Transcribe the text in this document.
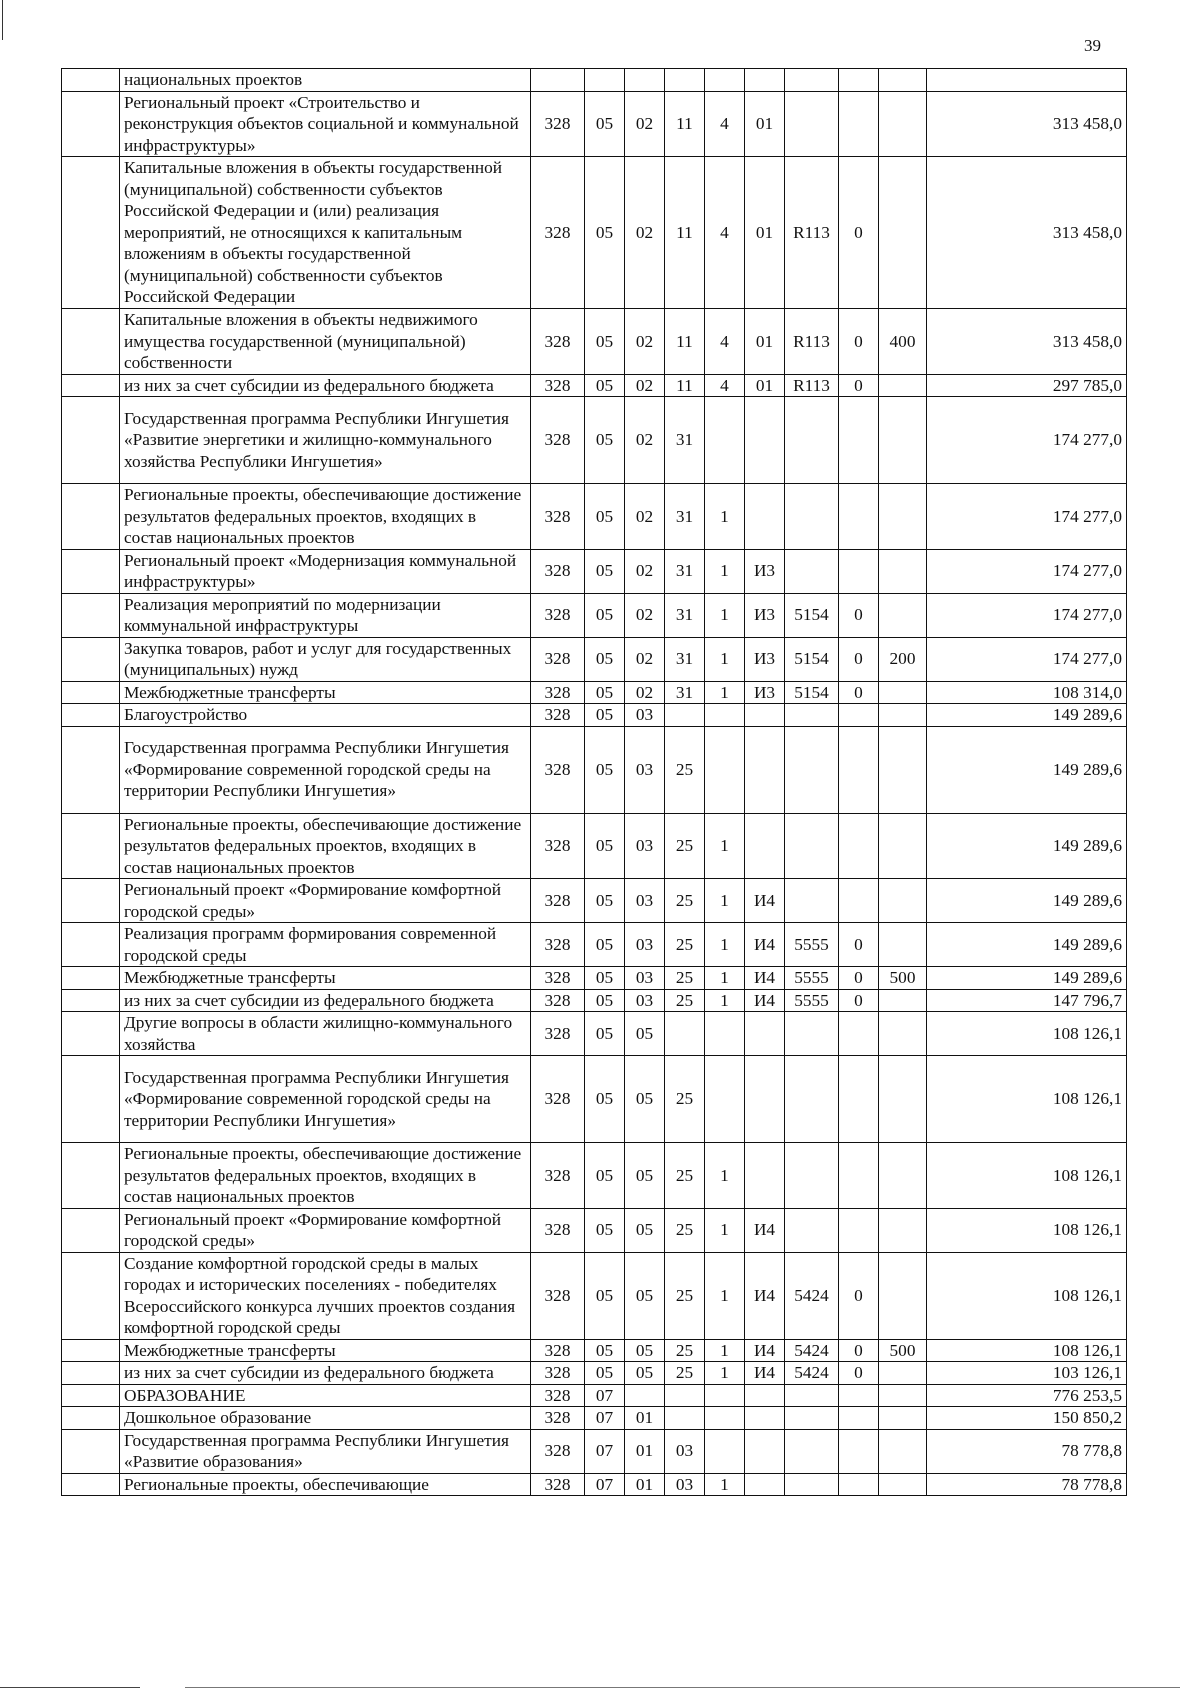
39
	национальных проектов										
	Региональный проект «Строительство и реконструкция объектов социальной и коммунальной инфраструктуры»	328	05	02	11	4	01				313 458,0
	Капитальные вложения в объекты государственной (муниципальной) собственности субъектов Российской Федерации и (или) реализация мероприятий, не относящихся к капитальным вложениям в объекты государственной (муниципальной) собственности субъектов Российской Федерации	328	05	02	11	4	01	R113	0		313 458,0
	Капитальные вложения в объекты недвижимого имущества государственной (муниципальной) собственности	328	05	02	11	4	01	R113	0	400	313 458,0
	из них за счет субсидии из федерального бюджета	328	05	02	11	4	01	R113	0		297 785,0
	Государственная программа Республики Ингушетия «Развитие энергетики и жилищно-коммунального хозяйства Республики Ингушетия»	328	05	02	31						174 277,0
	Региональные проекты, обеспечивающие достижение результатов федеральных проектов, входящих в состав национальных проектов	328	05	02	31	1					174 277,0
	Региональный проект «Модернизация коммунальной инфраструктуры»	328	05	02	31	1	И3				174 277,0
	Реализация мероприятий по модернизации коммунальной инфраструктуры	328	05	02	31	1	И3	5154	0		174 277,0
	Закупка товаров, работ и услуг для государственных (муниципальных) нужд	328	05	02	31	1	И3	5154	0	200	174 277,0
	Межбюджетные трансферты	328	05	02	31	1	И3	5154	0		108 314,0
	Благоустройство	328	05	03							149 289,6
	Государственная программа Республики Ингушетия «Формирование современной городской среды на территории Республики Ингушетия»	328	05	03	25						149 289,6
	Региональные проекты, обеспечивающие достижение результатов федеральных проектов, входящих в состав национальных проектов	328	05	03	25	1					149 289,6
	Региональный проект «Формирование комфортной городской среды»	328	05	03	25	1	И4				149 289,6
	Реализация программ формирования современной городской среды	328	05	03	25	1	И4	5555	0		149 289,6
	Межбюджетные трансферты	328	05	03	25	1	И4	5555	0	500	149 289,6
	из них за счет субсидии из федерального бюджета	328	05	03	25	1	И4	5555	0		147 796,7
	Другие вопросы в области жилищно-коммунального хозяйства	328	05	05							108 126,1
	Государственная программа Республики Ингушетия «Формирование современной городской среды на территории Республики Ингушетия»	328	05	05	25						108 126,1
	Региональные проекты, обеспечивающие достижение результатов федеральных проектов, входящих в состав национальных проектов	328	05	05	25	1					108 126,1
	Региональный проект «Формирование комфортной городской среды»	328	05	05	25	1	И4				108 126,1
	Создание комфортной городской среды в малых городах и исторических поселениях - победителях Всероссийского конкурса лучших проектов создания комфортной городской среды	328	05	05	25	1	И4	5424	0		108 126,1
	Межбюджетные трансферты	328	05	05	25	1	И4	5424	0	500	108 126,1
	из них за счет субсидии из федерального бюджета	328	05	05	25	1	И4	5424	0		103 126,1
	ОБРАЗОВАНИЕ	328	07								776 253,5
	Дошкольное образование	328	07	01							150 850,2
	Государственная программа Республики Ингушетия «Развитие образования»	328	07	01	03						78 778,8
	Региональные проекты, обеспечивающие	328	07	01	03	1					78 778,8
